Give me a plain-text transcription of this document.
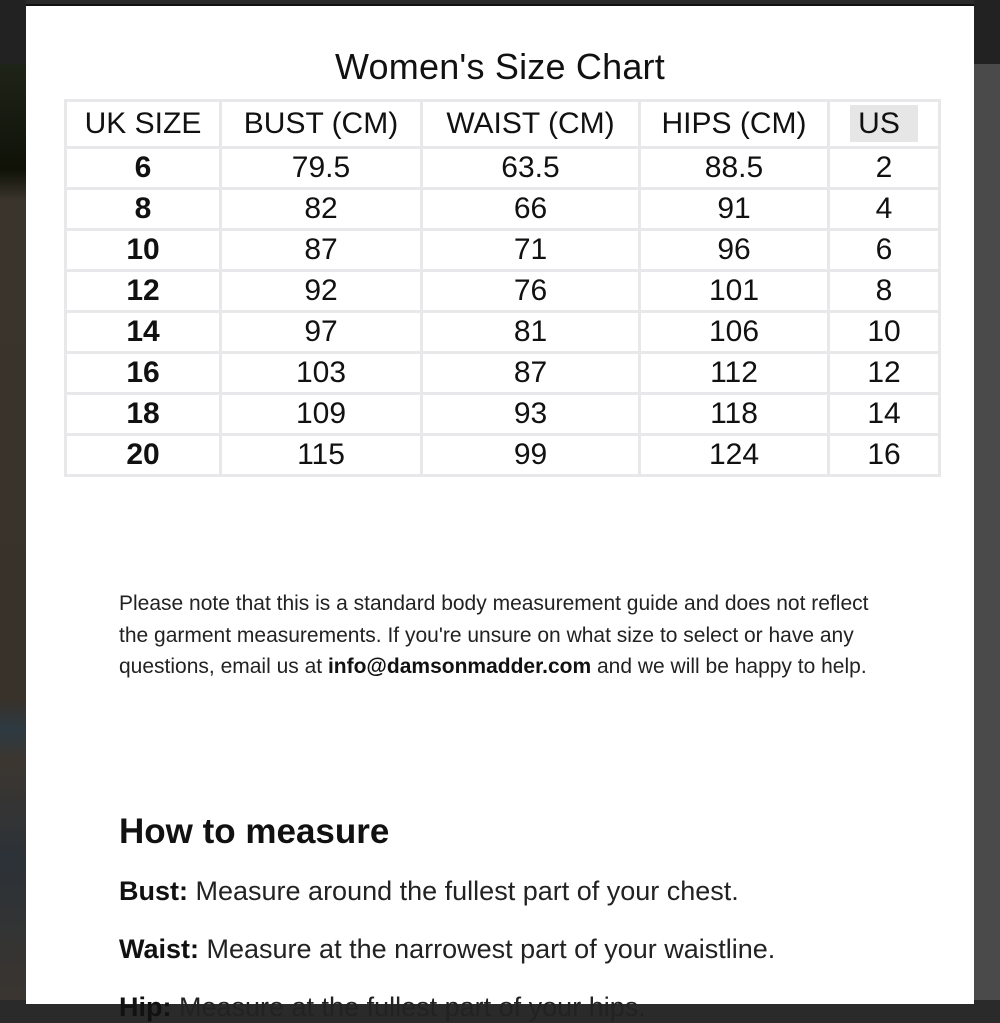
Women's Size Chart
UK SIZE	BUST (CM)	WAIST (CM)	HIPS (CM)	US
6	79.5	63.5	88.5	2
8	82	66	91	4
10	87	71	96	6
12	92	76	101	8
14	97	81	106	10
16	103	87	112	12
18	109	93	118	14
20	115	99	124	16
Please note that this is a standard body measurement guide and does not reflect the garment measurements. If you're unsure on what size to select or have any questions, email us at info@damsonmadder.com and we will be happy to help.
How to measure
Bust: Measure around the fullest part of your chest.
Waist: Measure at the narrowest part of your waistline.
Hip: Measure at the fullest part of your hips.
